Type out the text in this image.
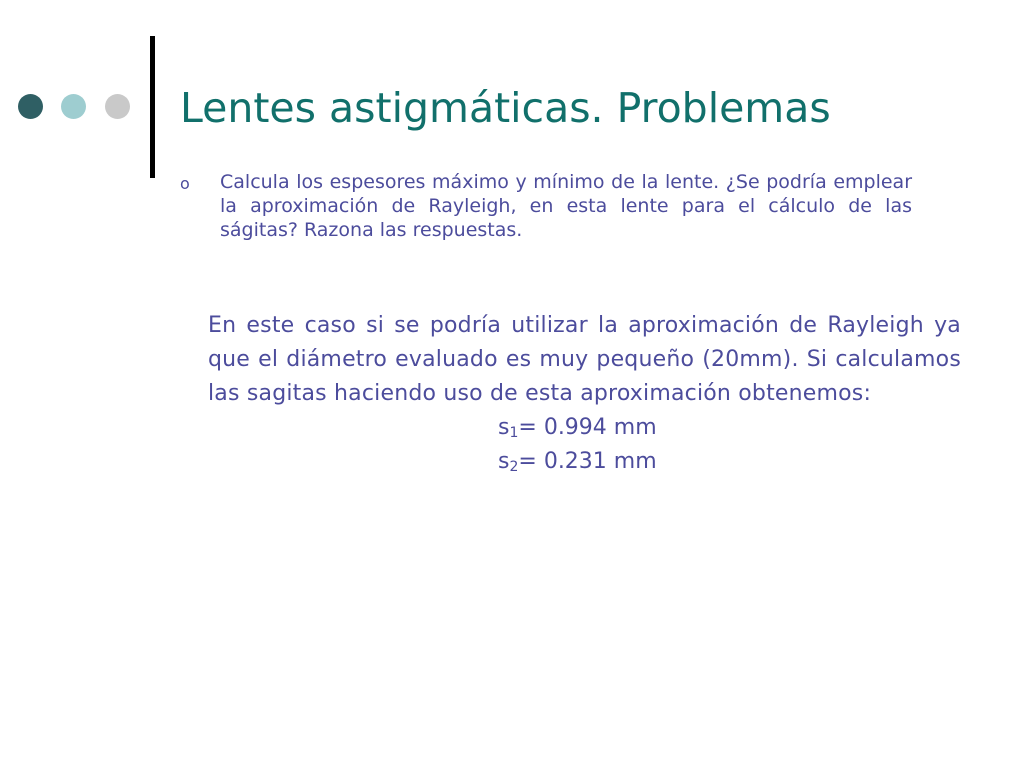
Lentes astigmáticas. Problemas
o Calcula los espesores máximo y mínimo de la lente. ¿Se podría emplear la aproximación de Rayleigh, en esta lente para el cálculo de las ságitas? Razona las respuestas.

En este caso si se podría utilizar la aproximación de Rayleigh ya que el diámetro evaluado es muy pequeño (20mm). Si calculamos las sagitas haciendo uso de esta aproximación obtenemos:

$s_1= 0.994$ mm

$s_2= 0.231$ mm
